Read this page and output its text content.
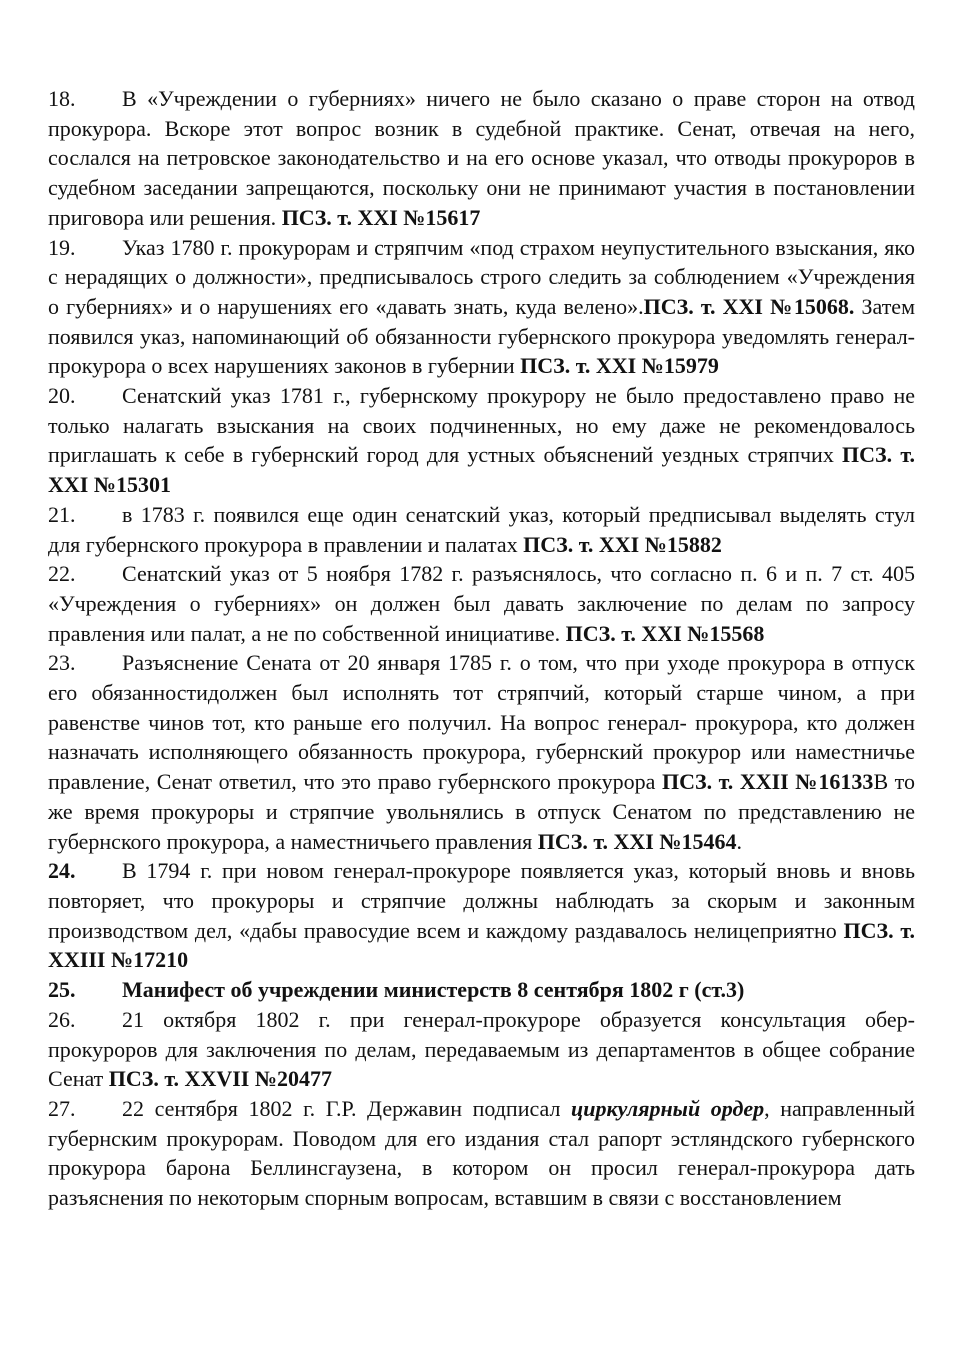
18. В «Учреждении о губерниях» ничего не было сказано о праве сторон на отвод прокурора. Вскоре этот вопрос возник в судебной практике. Сенат, отвечая на него, сослался на петровское законодательство и на его основе указал, что отводы прокуроров в судебном заседании запрещаются, поскольку они не принимают участия в постановлении приговора или решения. ПСЗ. т. XXI №15617

19. Указ 1780 г. прокурорам и стряпчим «под страхом неупустительного взыскания, яко с нерадящих о должности», предписывалось строго следить за соблюдением «Учреждения о губерниях» и о нарушениях его «давать знать, куда велено».ПСЗ. т. XXI №15068. Затем появился указ, напоминающий об обязанности губернского прокурора уведомлять генерал- прокурора о всех нарушениях законов в губернии ПСЗ. т. XXI №15979

20. Сенатский указ 1781 г., губернскому прокурору не было предоставлено право не только налагать взыскания на своих подчиненных, но ему даже не рекомендовалось приглашать к себе в губернский город для устных объяснений уездных стряпчих ПСЗ. т. XXI №15301

21. в 1783 г. появился еще один сенатский указ, который предписывал выделять стул для губернского прокурора в правлении и палатах ПСЗ. т. XXI №15882

22. Сенатский указ от 5 ноября 1782 г. разъяснялось, что согласно п. 6 и п. 7 ст. 405 «Учреждения о губерниях» он должен был давать заключение по делам по запросу правления или палат, а не по собственной инициативе. ПСЗ. т. XXI №15568

23. Разъяснение Сената от 20 января 1785 г. о том, что при уходе прокурора в отпуск его обязанностидолжен был исполнять тот стряпчий, который старше чином, а при равенстве чинов тот, кто раньше его получил. На вопрос генерал- прокурора, кто должен назначать исполняющего обязанность прокурора, губернский прокурор или наместничье правление, Сенат ответил, что это право губернского прокурора ПСЗ. т. XXII №16133В то же время прокуроры и стряпчие увольнялись в отпуск Сенатом по представлению не губернского прокурора, а наместничьего правления ПСЗ. т. XXI №15464.

24. В 1794 г. при новом генерал-прокуроре появляется указ, который вновь и вновь повторяет, что прокуроры и стряпчие должны наблюдать за скорым и законным производством дел, «дабы правосудие всем и каждому раздавалось нелицеприятно ПСЗ. т. XXIII №17210

25. Манифест об учреждении министерств 8 сентября 1802 г (ст.3)

26. 21 октября 1802 г. при генерал-прокуроре образуется консультация обер-прокуроров для заключения по делам, передаваемым из департаментов в общее собрание Сенат ПСЗ. т. XXVII №20477

27. 22 сентября 1802 г. Г.Р. Державин подписал циркулярный ордер, направленный губернским прокурорам. Поводом для его издания стал рапорт эстляндского губернского прокурора барона Беллинсгаузена, в котором он просил генерал-прокурора дать разъяснения по некоторым спорным вопросам, вставшим в связи с восстановлением
